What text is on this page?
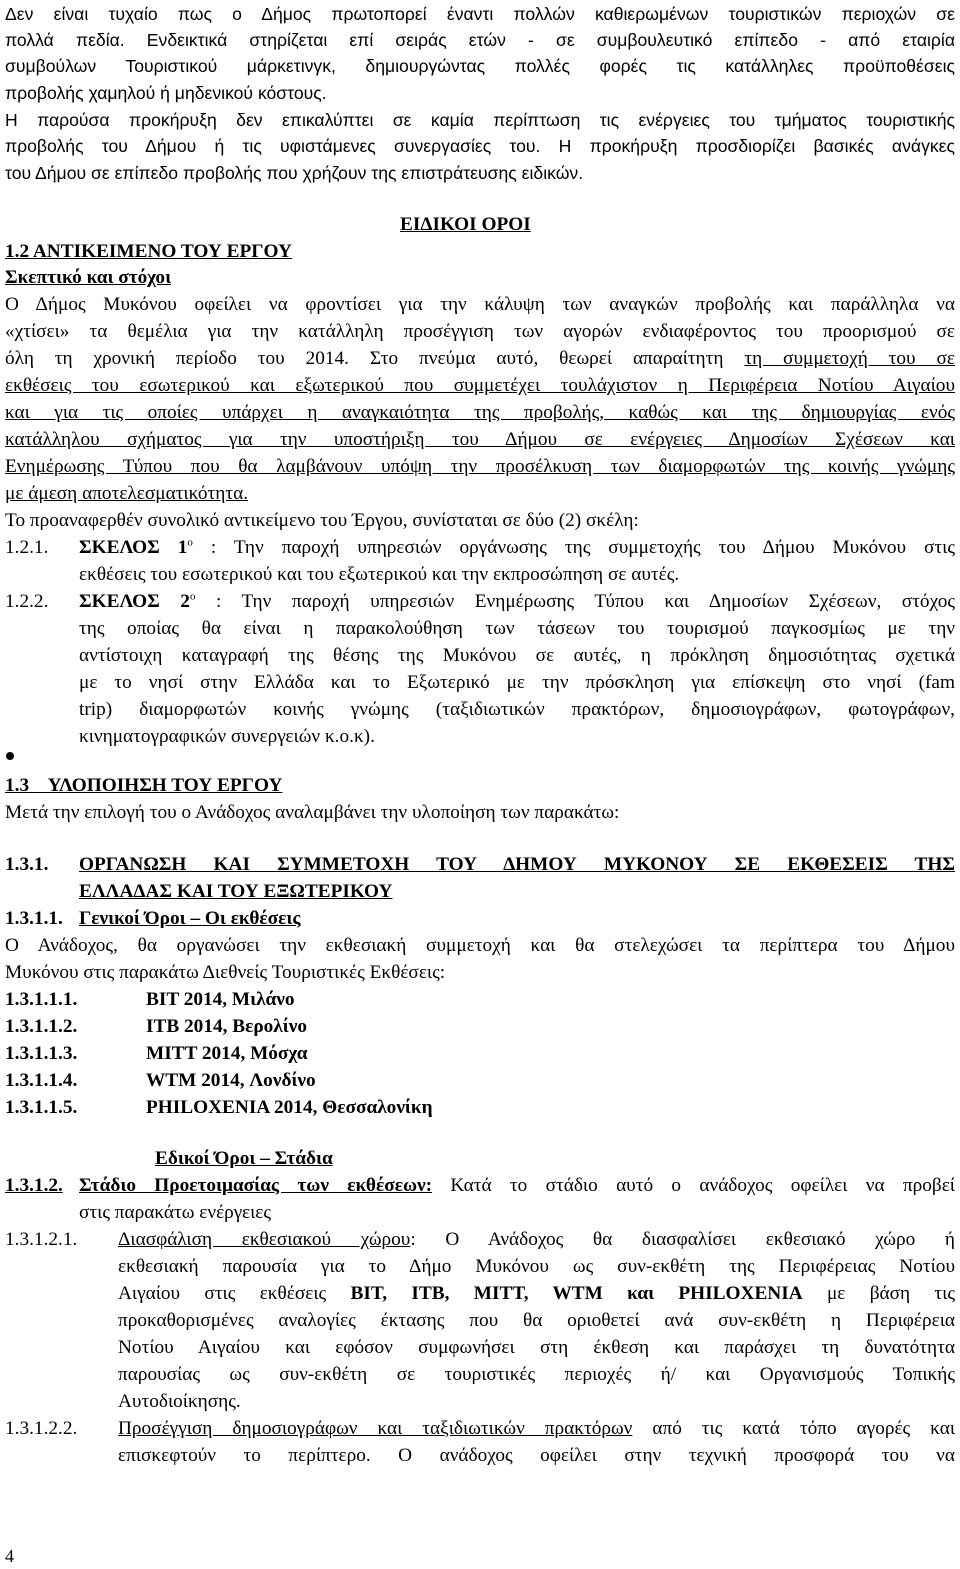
Δεν είναι τυχαίο πως ο Δήμος πρωτοπορεί έναντι πολλών καθιερωμένων τουριστικών περιοχών σε
πολλά πεδία. Ενδεικτικά στηρίζεται επί σειράς ετών - σε συμβουλευτικό επίπεδο - από εταιρία
συμβούλων Τουριστικού μάρκετινγκ, δημιουργώντας πολλές φορές τις κατάλληλες προϋποθέσεις
προβολής χαμηλού ή μηδενικού κόστους.
Η παρούσα προκήρυξη δεν επικαλύπτει σε καμία περίπτωση τις ενέργειες του τμήματος τουριστικής
προβολής του Δήμου ή τις υφιστάμενες συνεργασίες του. Η προκήρυξη προσδιορίζει βασικές ανάγκες
του Δήμου σε επίπεδο προβολής που χρήζουν της επιστράτευσης ειδικών.
ΕΙΔΙΚΟΙ ΟΡΟΙ
1.2 ΑΝΤΙΚΕΙΜΕΝΟ ΤΟΥ ΕΡΓΟΥ
Σκεπτικό και στόχοι
Ο Δήμος Μυκόνου οφείλει να φροντίσει για την κάλυψη των αναγκών προβολής και παράλληλα να
«χτίσει» τα θεμέλια για την κατάλληλη προσέγγιση των αγορών ενδιαφέροντος του προορισμού σε
όλη τη χρονική περίοδο του 2014. Στο πνεύμα αυτό, θεωρεί απαραίτητη τη συμμετοχή του σε
εκθέσεις του εσωτερικού και εξωτερικού που συμμετέχει τουλάχιστον η Περιφέρεια Νοτίου Αιγαίου
και για τις οποίες υπάρχει η αναγκαιότητα της προβολής, καθώς και της δημιουργίας ενός
κατάλληλου σχήματος για την υποστήριξη του Δήμου σε ενέργειες Δημοσίων Σχέσεων και
Ενημέρωσης Τύπου που θα λαμβάνουν υπόψη την προσέλκυση των διαμορφωτών της κοινής γνώμης
με άμεση αποτελεσματικότητα.
Το προαναφερθέν συνολικό αντικείμενο του Έργου, συνίσταται σε δύο (2) σκέλη:
1.2.1. ΣΚΕΛΟΣ $1^o$ : Την παροχή υπηρεσιών οργάνωσης της συμμετοχής του Δήμου Μυκόνου στις
εκθέσεις του εσωτερικού και του εξωτερικού και την εκπροσώπηση σε αυτές.
1.2.2. ΣΚΕΛΟΣ $2^o$ : Την παροχή υπηρεσιών Ενημέρωσης Τύπου και Δημοσίων Σχέσεων, στόχος
της οποίας θα είναι η παρακολούθηση των τάσεων του τουρισμού παγκοσμίως με την
αντίστοιχη καταγραφή της θέσης της Μυκόνου σε αυτές, η πρόκληση δημοσιότητας σχετικά
με το νησί στην Ελλάδα και το Εξωτερικό με την πρόσκληση για επίσκεψη στο νησί (fam
trip) διαμορφωτών κοινής γνώμης (ταξιδιωτικών πρακτόρων, δημοσιογράφων, φωτογράφων,
κινηματογραφικών συνεργειών κ.ο.κ).
1.3    ΥΛΟΠΟΙΗΣΗ ΤΟΥ ΕΡΓΟΥ
Μετά την επιλογή του ο Ανάδοχος αναλαμβάνει την υλοποίηση των παρακάτω:
1.3.1. ΟΡΓΑΝΩΣΗ ΚΑΙ ΣΥΜΜΕΤΟΧΗ ΤΟΥ ΔΗΜΟΥ ΜΥΚΟΝΟΥ ΣΕ ΕΚΘΕΣΕΙΣ ΤΗΣ
ΕΛΛΑΔΑΣ ΚΑΙ ΤΟΥ ΕΞΩΤΕΡΙΚΟΥ
1.3.1.1. Γενικοί Όροι – Οι εκθέσεις
Ο Ανάδοχος, θα οργανώσει την εκθεσιακή συμμετοχή και θα στελεχώσει τα περίπτερα του Δήμου
Μυκόνου στις παρακάτω Διεθνείς Τουριστικές Εκθέσεις:
1.3.1.1.1.	BIT 2014, Μιλάνο
1.3.1.1.2.	ITB 2014, Βερολίνο
1.3.1.1.3.	MITT 2014, Μόσχα
1.3.1.1.4.	WTM 2014, Λονδίνο
1.3.1.1.5.	PHILOXENIA 2014, Θεσσαλονίκη
Εδικοί Όροι – Στάδια
1.3.1.2. Στάδιο Προετοιμασίας των εκθέσεων: Κατά το στάδιο αυτό ο ανάδοχος οφείλει να προβεί
στις παρακάτω ενέργειες
1.3.1.2.1. Διασφάλιση εκθεσιακού χώρου: Ο Ανάδοχος θα διασφαλίσει εκθεσιακό χώρο ή
εκθεσιακή παρουσία για το Δήμο Μυκόνου ως συν-εκθέτη της Περιφέρειας Νοτίου
Αιγαίου στις εκθέσεις BIT, ITB, MITT, WTM και PHILOXENIA με βάση τις
προκαθορισμένες αναλογίες έκτασης που θα οριοθετεί ανά συν-εκθέτη η Περιφέρεια
Νοτίου Αιγαίου και εφόσον συμφωνήσει στη έκθεση και παράσχει τη δυνατότητα
παρουσίας ως συν-εκθέτη σε τουριστικές περιοχές ή/ και Οργανισμούς Τοπικής
Αυτοδιοίκησης.
1.3.1.2.2. Προσέγγιση δημοσιογράφων και ταξιδιωτικών πρακτόρων από τις κατά τόπο αγορές και
επισκεφτούν το περίπτερο. Ο ανάδοχος οφείλει στην τεχνική προσφορά του να
4
